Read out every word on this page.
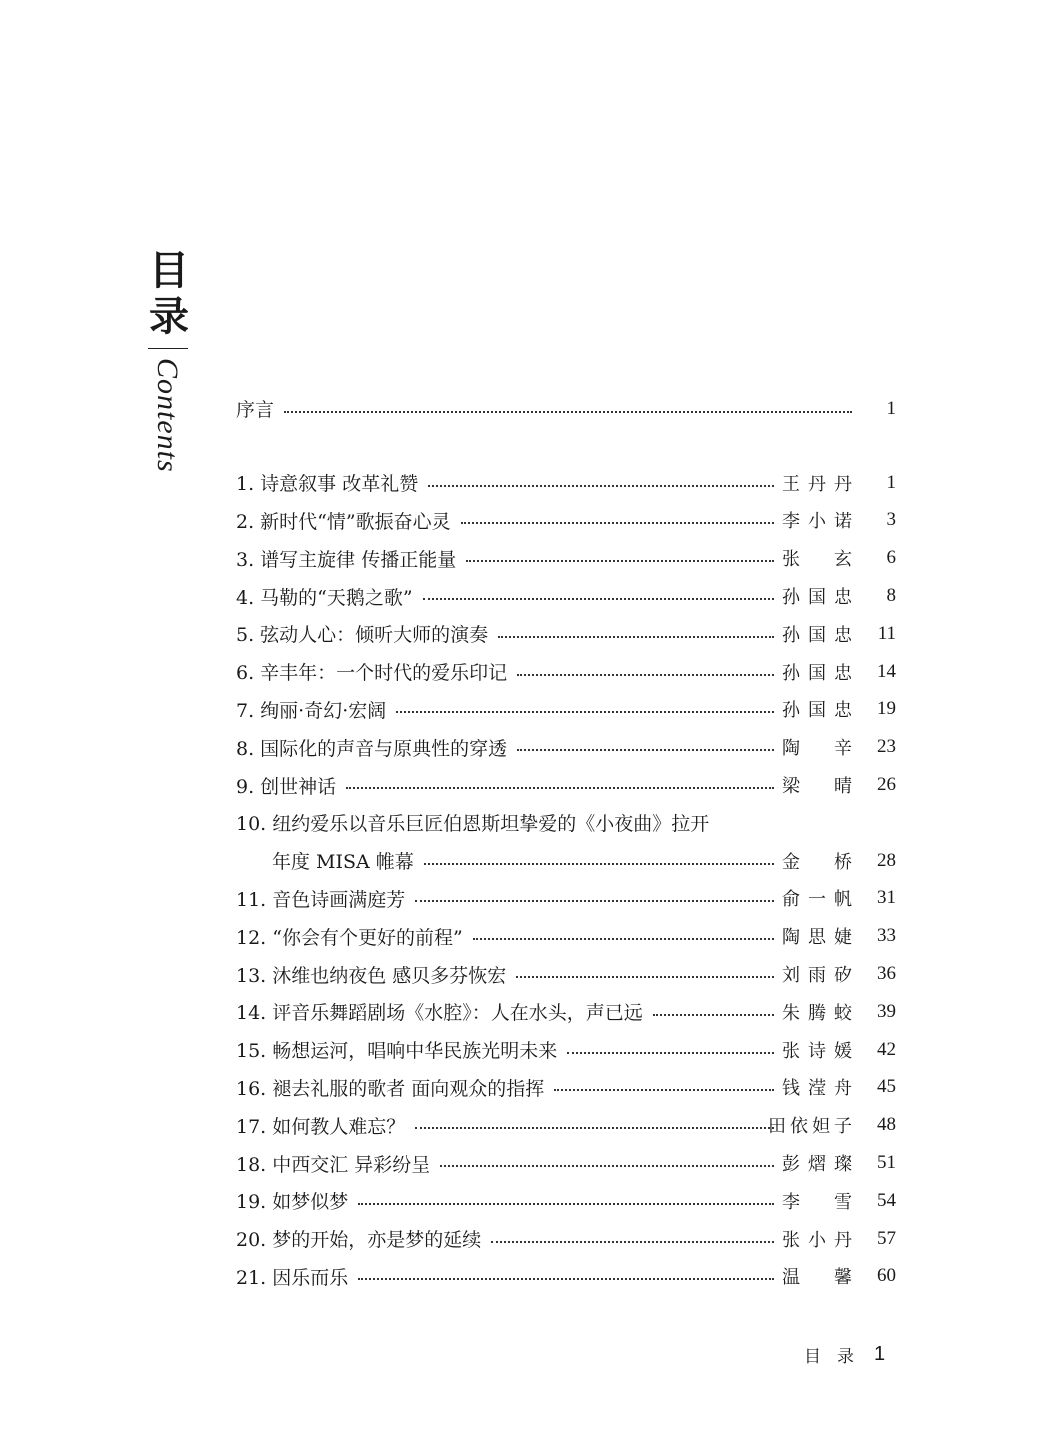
目
录
Contents	序言	1
1. 诗意叙事 改革礼赞	王丹丹	1
2. 新时代“情”歌振奋心灵	李小诺	3
3. 谱写主旋律 传播正能量	张　玄	6
4. 马勒的“天鹅之歌”	孙国忠	8
5. 弦动人心：倾听大师的演奏	孙国忠	11
6. 辛丰年：一个时代的爱乐印记	孙国忠	14
7. 绚丽·奇幻·宏阔	孙国忠	19
8. 国际化的声音与原典性的穿透	陶　辛	23
9. 创世神话	梁　晴	26
10. 纽约爱乐以音乐巨匠伯恩斯坦挚爱的《小夜曲》拉开
年度 MISA 帷幕	金　桥	28
11. 音色诗画满庭芳	俞一帆	31
12. “你会有个更好的前程”	陶思婕	33
13. 沐维也纳夜色 感贝多芬恢宏	刘雨矽	36
14. 评音乐舞蹈剧场《水腔》：人在水头，声已远	朱腾蛟	39
15. 畅想运河，唱响中华民族光明未来	张诗媛	42
16. 褪去礼服的歌者 面向观众的指挥	钱滢舟	45
17. 如何教人难忘？	田依妲子	48
18. 中西交汇 异彩纷呈	彭熠璨	51
19. 如梦似梦	李　雪	54
20. 梦的开始，亦是梦的延续	张小丹	57
21. 因乐而乐	温　馨	60
目录 1
